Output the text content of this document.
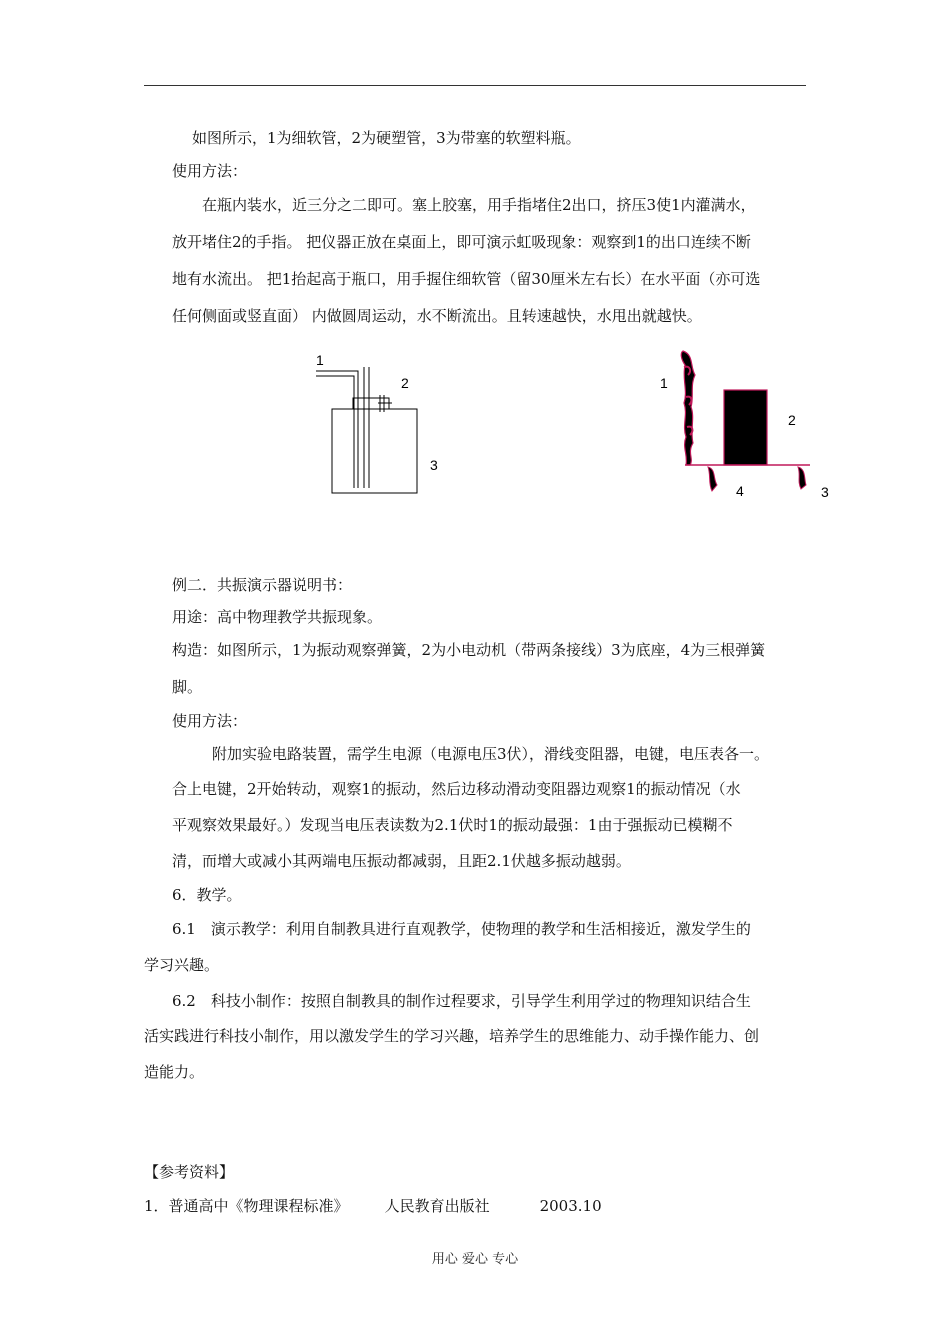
如图所示，1为细软管，2为硬塑管，3为带塞的软塑料瓶。

使用方法：

在瓶内装水，近三分之二即可。塞上胶塞，用手指堵住2出口，挤压3使1内灌满水，

放开堵住2的手指。 把仪器正放在桌面上，即可演示虹吸现象：观察到1的出口连续不断

地有水流出。 把1抬起高于瓶口，用手握住细软管（留30厘米左右长）在水平面（亦可选

任何侧面或竖直面） 内做圆周运动，水不断流出。且转速越快，水甩出就越快。

1
2
3
1
2
3
4

例二．共振演示器说明书：

用途：高中物理教学共振现象。

构造：如图所示，1为振动观察弹簧，2为小电动机（带两条接线）3为底座，4为三根弹簧

脚。

使用方法：

附加实验电路装置，需学生电源（电源电压3伏），滑线变阻器，电键，电压表各一。

合上电键，2开始转动，观察1的振动，然后边移动滑动变阻器边观察1的振动情况（水

平观察效果最好。）发现当电压表读数为2.1伏时1的振动最强：1由于强振动已模糊不

清，而增大或减小其两端电压振动都减弱，且距2.1伏越多振动越弱。

6．教学。

6.1　演示教学：利用自制教具进行直观教学，使物理的教学和生活相接近，激发学生的

学习兴趣。

6.2　科技小制作：按照自制教具的制作过程要求，引导学生利用学过的物理知识结合生

活实践进行科技小制作，用以激发学生的学习兴趣，培养学生的思维能力、动手操作能力、创

造能力。

【参考资料】

1．普通高中《物理课程标准》 人民教育出版社	2003.10
用心 爱心 专心
